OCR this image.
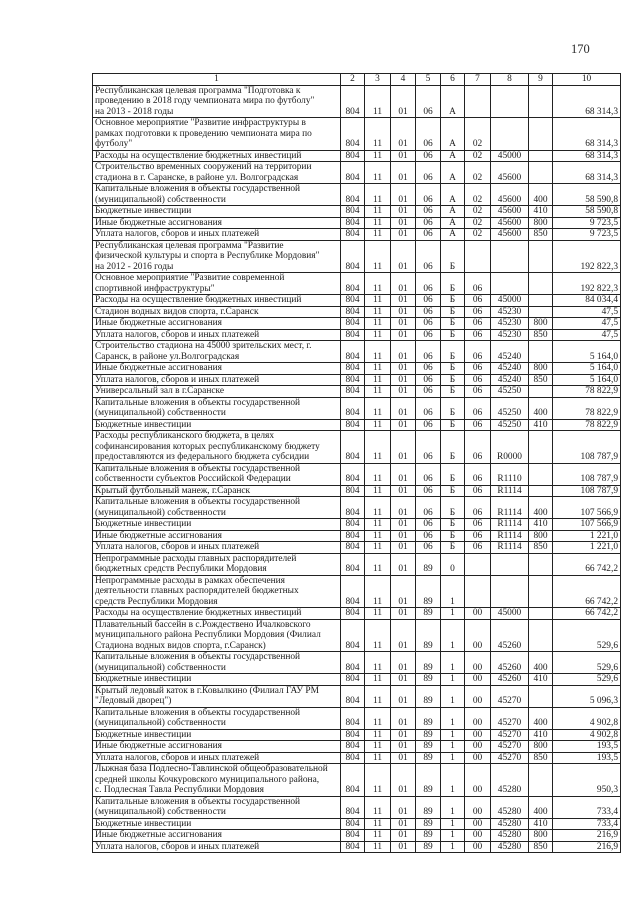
170
1	2	3	4	5	6	7	8	9	10
Республиканская целевая программа "Подготовка к
проведению в 2018 году чемпионата мира по футболу"
на 2013 - 2018 годы	804	11	01	06	А				68 314,3
Основное мероприятие "Развитие инфраструктуры в
рамках подготовки к проведению чемпионата мира по
футболу"	804	11	01	06	А	02			68 314,3
Расходы на осуществление бюджетных инвестиций	804	11	01	06	А	02	45000		68 314,3
Строительство временных сооружений на территории
стадиона в г. Саранске, в районе ул. Волгоградская	804	11	01	06	А	02	45600		68 314,3
Капитальные вложения в объекты государственной
(муниципальной) собственности	804	11	01	06	А	02	45600	400	58 590,8
Бюджетные инвестиции	804	11	01	06	А	02	45600	410	58 590,8
Иные бюджетные ассигнования	804	11	01	06	А	02	45600	800	9 723,5
Уплата налогов, сборов и иных платежей	804	11	01	06	А	02	45600	850	9 723,5
Республиканская целевая программа "Развитие
физической культуры и спорта в Республике Мордовия"
на 2012 - 2016 годы	804	11	01	06	Б				192 822,3
Основное мероприятие "Развитие современной
спортивной инфраструктуры"	804	11	01	06	Б	06			192 822,3
Расходы на осуществление бюджетных инвестиций	804	11	01	06	Б	06	45000		84 034,4
Стадион водных видов спорта, г.Саранск	804	11	01	06	Б	06	45230		47,5
Иные бюджетные ассигнования	804	11	01	06	Б	06	45230	800	47,5
Уплата налогов, сборов и иных платежей	804	11	01	06	Б	06	45230	850	47,5
Строительство стадиона на 45000 зрительских мест, г.
Саранск, в районе ул.Волгоградская	804	11	01	06	Б	06	45240		5 164,0
Иные бюджетные ассигнования	804	11	01	06	Б	06	45240	800	5 164,0
Уплата налогов, сборов и иных платежей	804	11	01	06	Б	06	45240	850	5 164,0
Универсальный зал в г.Саранске	804	11	01	06	Б	06	45250		78 822,9
Капитальные вложения в объекты государственной
(муниципальной) собственности	804	11	01	06	Б	06	45250	400	78 822,9
Бюджетные инвестиции	804	11	01	06	Б	06	45250	410	78 822,9
Расходы республиканского бюджета, в целях
софинансирования которых республиканскому бюджету
предоставляются из федерального бюджета субсидии	804	11	01	06	Б	06	R0000		108 787,9
Капитальные вложения в объекты государственной
собственности субъектов Российской Федерации	804	11	01	06	Б	06	R1110		108 787,9
Крытый футбольный манеж, г.Саранск	804	11	01	06	Б	06	R1114		108 787,9
Капитальные вложения в объекты государственной
(муниципальной) собственности	804	11	01	06	Б	06	R1114	400	107 566,9
Бюджетные инвестиции	804	11	01	06	Б	06	R1114	410	107 566,9
Иные бюджетные ассигнования	804	11	01	06	Б	06	R1114	800	1 221,0
Уплата налогов, сборов и иных платежей	804	11	01	06	Б	06	R1114	850	1 221,0
Непрограммные расходы главных распорядителей
бюджетных средств Республики Мордовия	804	11	01	89	0				66 742,2
Непрограммные расходы в рамках обеспечения
деятельности главных распорядителей бюджетных
средств Республики Мордовия	804	11	01	89	1				66 742,2
Расходы на осуществление бюджетных инвестиций	804	11	01	89	1	00	45000		66 742,2
Плавательный бассейн в с.Рождествено Ичалковского
муниципального района Республики Мордовия (Филиал
Стадиона водных видов спорта, г.Саранск)	804	11	01	89	1	00	45260		529,6
Капитальные вложения в объекты государственной
(муниципальной) собственности	804	11	01	89	1	00	45260	400	529,6
Бюджетные инвестиции	804	11	01	89	1	00	45260	410	529,6
Крытый ледовый каток в г.Ковылкино (Филиал ГАУ РМ
"Ледовый дворец")	804	11	01	89	1	00	45270		5 096,3
Капитальные вложения в объекты государственной
(муниципальной) собственности	804	11	01	89	1	00	45270	400	4 902,8
Бюджетные инвестиции	804	11	01	89	1	00	45270	410	4 902,8
Иные бюджетные ассигнования	804	11	01	89	1	00	45270	800	193,5
Уплата налогов, сборов и иных платежей	804	11	01	89	1	00	45270	850	193,5
Лыжная база Подлесно-Тавлинской общеобразовательной
средней школы Кочкуровского муниципального района,
с. Подлесная Тавла Республики Мордовия	804	11	01	89	1	00	45280		950,3
Капитальные вложения в объекты государственной
(муниципальной) собственности	804	11	01	89	1	00	45280	400	733,4
Бюджетные инвестиции	804	11	01	89	1	00	45280	410	733,4
Иные бюджетные ассигнования	804	11	01	89	1	00	45280	800	216,9
Уплата налогов, сборов и иных платежей	804	11	01	89	1	00	45280	850	216,9
